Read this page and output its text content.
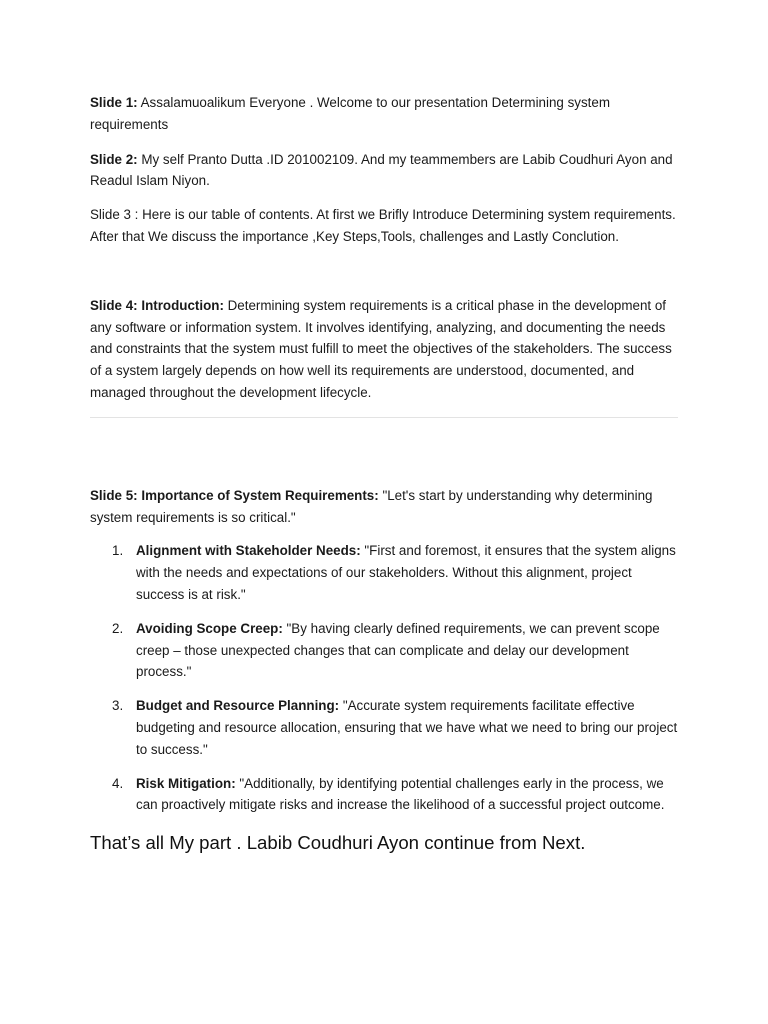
Slide 1: Assalamuoalikum Everyone . Welcome to our presentation Determining system requirements

Slide 2: My self Pranto Dutta .ID 201002109. And my teammembers are Labib Coudhuri Ayon and Readul Islam Niyon.

Slide 3 : Here is our table of contents. At first we Brifly Introduce Determining system requirements. After that We discuss the importance ,Key Steps,Tools, challenges and Lastly Conclution.

Slide 4: Introduction: Determining system requirements is a critical phase in the development of any software or information system. It involves identifying, analyzing, and documenting the needs and constraints that the system must fulfill to meet the objectives of the stakeholders. The success of a system largely depends on how well its requirements are understood, documented, and managed throughout the development lifecycle.

Slide 5: Importance of System Requirements: "Let's start by understanding why determining system requirements is so critical."

1. Alignment with Stakeholder Needs: "First and foremost, it ensures that the system aligns with the needs and expectations of our stakeholders. Without this alignment, project success is at risk."
2. Avoiding Scope Creep: "By having clearly defined requirements, we can prevent scope creep – those unexpected changes that can complicate and delay our development process."
3. Budget and Resource Planning: "Accurate system requirements facilitate effective budgeting and resource allocation, ensuring that we have what we need to bring our project to success."
4. Risk Mitigation: "Additionally, by identifying potential challenges early in the process, we can proactively mitigate risks and increase the likelihood of a successful project outcome.

That’s all My part . Labib Coudhuri Ayon continue from Next.
